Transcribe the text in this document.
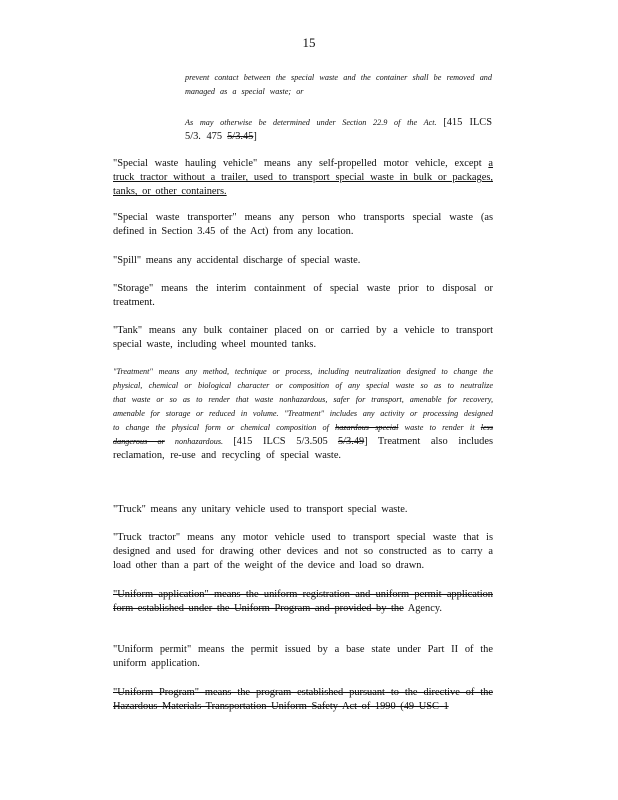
15
prevent contact between the special waste and the container shall be removed and managed as a special waste; or
As may otherwise be determined under Section 22.9 of the Act. [415 ILCS 5/3. 475 5/3.45]
"Special waste hauling vehicle" means any self-propelled motor vehicle, except a truck tractor without a trailer, used to transport special waste in bulk or packages, tanks, or other containers.
"Special waste transporter" means any person who transports special waste (as defined in Section 3.45 of the Act) from any location.
"Spill" means any accidental discharge of special waste.
"Storage" means the interim containment of special waste prior to disposal or treatment.
"Tank" means any bulk container placed on or carried by a vehicle to transport special waste, including wheel mounted tanks.
"Treatment" means any method, technique or process, including neutralization designed to change the physical, chemical or biological character or composition of any special waste so as to neutralize that waste or so as to render that waste nonhazardous, safer for transport, amenable for recovery, amenable for storage or reduced in volume. "Treatment" includes any activity or processing designed to change the physical form or chemical composition of hazardous special waste to render it less dangerous or nonhazardous. [415 ILCS 5/3.505 5/3.49] Treatment also includes reclamation, re-use and recycling of special waste.
"Truck" means any unitary vehicle used to transport special waste.
"Truck tractor" means any motor vehicle used to transport special waste that is designed and used for drawing other devices and not so constructed as to carry a load other than a part of the weight of the device and load so drawn.
"Uniform application" means the uniform registration and uniform permit application form established under the Uniform Program and provided by the Agency.
"Uniform permit" means the permit issued by a base state under Part II of the uniform application.
"Uniform Program" means the program established pursuant to the directive of the Hazardous Materials Transportation Uniform Safety Act of 1990 (49 USC 1
